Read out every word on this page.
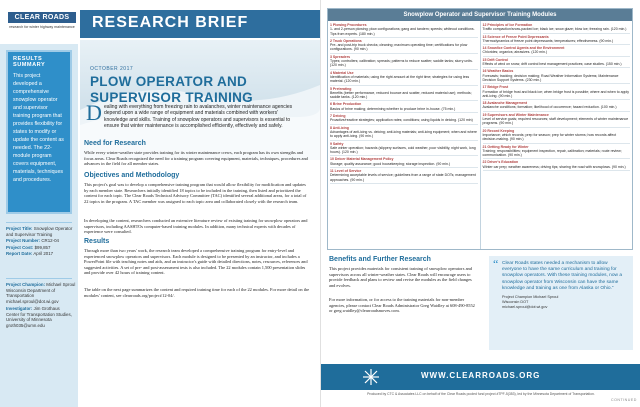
CLEAR ROADS
research for winter highway maintenance RESEARCH BRIEF
OCTOBER 2017
PLOW OPERATOR AND SUPERVISOR TRAINING
D ealing with everything from freezing rain to avalanches, winter maintenance agencies depend upon a wide range of equipment and materials combined with workers' knowledge and skills. Training of snowplow operators and supervisors is essential to ensure that winter maintenance is accomplished efficiently, effectively and safely.
Need for Research
While every winter-weather state provides training for its winter maintenance crews, each program has its own strengths and focus areas. Clear Roads recognized the need for a training program covering equipment, materials, techniques, procedures and advances in the field for all member states.
Objectives and Methodology
This project's goal was to develop a comprehensive training program that would allow flexibility for modification and updates by each member state. Researchers initially identified 18 topics to be included in the training, then listed and prioritized the content for each topic. The Clear Roads Technical Advisory Committee (TAC) identified several additional areas, for a total of 22 topics in the program. A TAC member was assigned to each topic area and collaborated closely with the research team.
In developing the content, researchers conducted an extensive literature review of existing training for snowplow operators and supervisors, including AASHTOs computer-based training modules. In addition, many technical experts with decades of experience were consulted.
Results
Through more than two years' work, the research team developed a comprehensive training program for entry-level and experienced snowplow operators and supervisors. Each module is designed to be presented by an instructor, and includes a PowerPoint file with teaching notes and aids, and an instructor's guide with detailed directions, notes, resources, references and suggested activities. A set of pre- and post-assessment tests is also included. The 22 modules contain 1,500 presentation slides and provide over 42 hours of training content.
The table on the next page summarizes the content and required training time for each of the 22 modules. For more detail on the modules' content, see clearroads.org/project/12-04/.
RESULTS SUMMARY
This project developed a comprehensive snowplow operator and supervisor training program that provides flexibility for states to modify or update the content as needed. The 22-module program covers equipment, materials, techniques and procedures.
Project Title: Snowplow Operator and Supervisor Training
Project Number: CR12-04
Project Cost: $99,857
Report Date: April 2017
Project Champion: Michael Sproul
Wisconsin Department of Transportation
michael.sproul@dot.wi.gov
Investigator: Jim Grothaus
Center for Transportation Studies, University of Minnesota
groth035@umn.edu
Snowplow Operator and Supervisor Training Modules
1 Plowing Procedures
1- and 2-person plowing; plow configurations; gang and tandem; speeds; whiteout conditions. Tips from experts. (180 min.)
2 Truck Operations
Pre- and post-trip truck checks; cleaning; maximum operating time; certifications for plow configurations. (90 min.)
3 Spreaders
Types; controllers; calibration; spreads; patterns to reduce scatter; saddle tanks; slurry units. (120 min.)
4 Material Use
Identification of materials; using the right amount at the right time; strategies for using less material. (120 min.)
5 Pretreating
Benefits (better performance, reduced bounce and scatter, reduced material use); methods; saddle tanks. (120 min.)
6 Brine Production
Basics of brine making; determining whether to produce brine in-house. (75 min.)
7 Deicing
Proactive/reactive strategies; application rates; conditions; using liquids in deicing. (120 min)
8 Anti-icing
Advantages of anti-icing vs. deicing; anti-icing materials; anti-icing equipment; when and where to apply anti-icing. (90 min.)
9 Safety
Safe winter operation; hazards (slippery surfaces, cold weather, poor visibility, night work, long hours). (120 min.)
10 Deicer Material Management Policy
Storage; quality assurance; good housekeeping; storage inspection. (90 min.)
11 Level of Service
Determining acceptable levels of service; guidelines from a range of state DOTs; management approaches. (90 min.)
12 Principles of Ice Formation
Traffic compaction/snow-packed ice; black ice; snow glaze; blow ice; freezing rain. (120 min.)
13 Science of Freeze Point Depressants
Thermodynamics of freeze point depressants; temperatures; effectiveness. (90 min.)
14 Snow/Ice Control Agents and the Environment
Chlorides; organics; abrasives. (120 min.)
15 Drift Control
Effects of wind on snow; drift control best management practices; case studies. (150 min.)
16 Weather Basics
Forecasts; tracking; decision making; Road Weather Information Systems; Maintenance Decision Support Systems. (230 min.)
17 Bridge Frost
Formation of bridge frost and black ice; when bridge frost is possible; where and when to apply anti-icing. (90 min.)
18 Avalanche Management
Avalanche conditions; formation; likelihood of occurrence; hazard reduction. (100 min.)
19 Supervisors and Winter Maintenance
Level of service goals; required resources; staff development; elements of winter maintenance programs. (90 min.)
20 Record Keeping
Importance; which records; prep for season; prep for winter storms; how records affect decision-making. (90 min.)
21 Getting Ready for Winter
Training; responsibilities; equipment inspection, repair, calibration; materials; route review; communication. (90 min.)
22 Driver's Education
Winter car prep; weather awareness; driving tips; sharing the road with snowplows. (90 min.)
Benefits and Further Research
This project provides materials for consistent training of snowplow operators and supervisors across all winter-weather states. Clear Roads will encourage users to provide feedback and plans to review and revise the modules as the field changes and evolves.
For more information, or for access to the training materials for non-member agencies, please contact Clear Roads Administrator Greg Waidley at 608-490-8552 or greg.waidley@clearroadsmoves.com.
“ Clear Roads states needed a mechanism to allow everyone to have the same curriculum and training for snowplow operators. With these training modules, now a snowplow operator from Wisconsin can have the same knowledge and training as one from Alaska or Ohio.”
Project Champion Michael Sproul
Wisconsin DOT
michael.sproul@dot.wi.gov
WWW.CLEARROADS.ORG
Produced by CTC & Associates LLC on behalf of the Clear Roads pooled fund project #TPF-5(353), led by the Minnesota Department of Transportation.
CONTINUED
